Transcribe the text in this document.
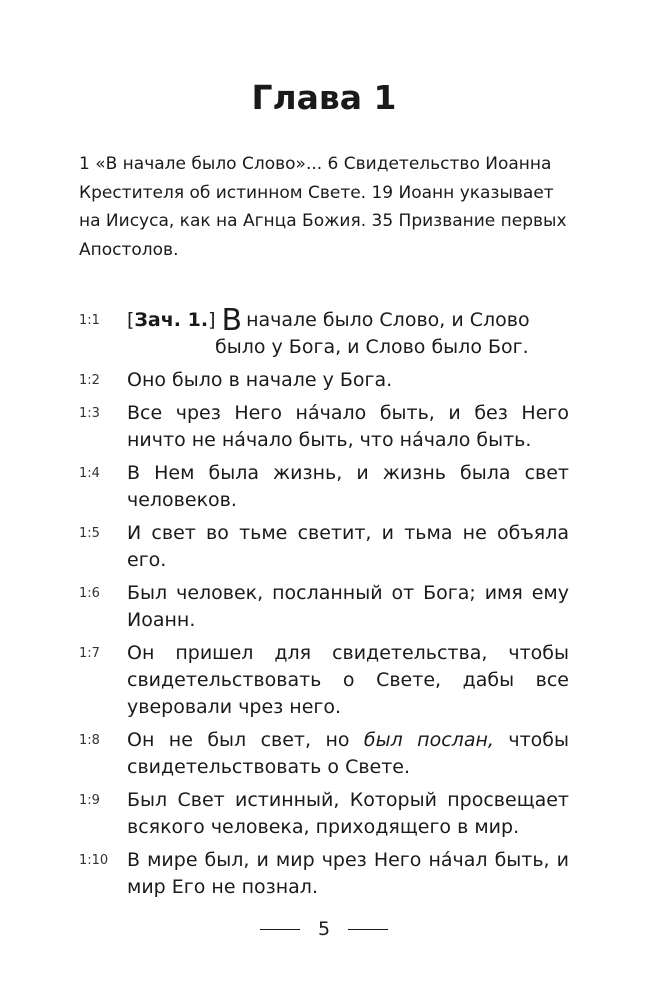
Глава 1

1 «В начале было Слово»... 6 Свидетельство Иоанна Крестителя об истинном Свете. 19 Иоанн указывает на Иисуса, как на Агнца Божия. 35 Призвание первых Апостолов.

1:1	[Зач. 1.] В начале было Слово, и Слово
было у Бога, и Слово было Бог.
1:2	Оно было в начале у Бога.
1:3	Все чрез Него на́чало быть, и без Него ничто не на́чало быть, что на́чало быть.
1:4	В Нем была жизнь, и жизнь была свет человеков.
1:5	И свет во тьме светит, и тьма не объяла его.
1:6	Был человек, посланный от Бога; имя ему Иоанн.
1:7	Он пришел для свидетельства, чтобы свидетельствовать о Свете, дабы все уверовали чрез него.
1:8	Он не был свет, но был послан, чтобы свидетельствовать о Свете.
1:9	Был Свет истинный, Который просвещает всякого человека, приходящего в мир.
1:10 В мире был, и мир чрез Него на́чал быть, и мир Его не познал.
5
